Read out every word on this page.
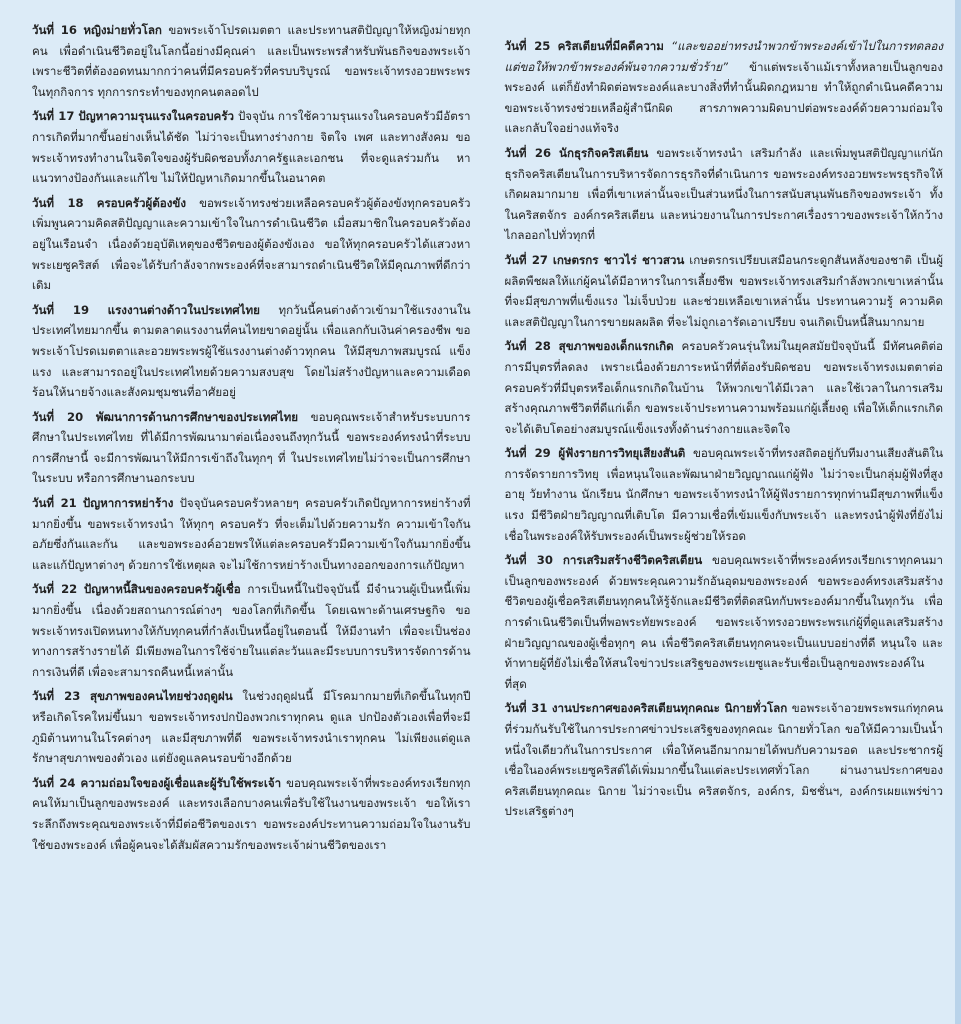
วันที่ 16 หญิงม่ายทั่วโลก ขอพระเจ้าโปรดเมตตา และประทานสติปัญญาให้หญิงม่ายทุกคน เพื่อดำเนินชีวิตอยู่ในโลกนี้อย่างมีคุณค่า และเป็นพระพรสำหรับพันธกิจของพระเจ้า เพราะชีวิตที่ต้องอดทนมากกว่าคนที่มีครอบครัวที่ครบบริบูรณ์ ขอพระเจ้าทรงอวยพระพรในทุกกิจการ ทุกการกระทำของทุกคนตลอดไป

วันที่ 17 ปัญหาความรุนแรงในครอบครัว ปัจจุบัน การใช้ความรุนแรงในครอบครัวมีอัตราการเกิดที่มากขึ้นอย่างเห็นได้ชัด ไม่ว่าจะเป็นทางร่างกาย จิตใจ เพศ และทางสังคม ขอพระเจ้าทรงทำงานในจิตใจของผู้รับผิดชอบทั้งภาครัฐและเอกชน ที่จะดูแลร่วมกัน หาแนวทางป้องกันและแก้ไข ไม่ให้ปัญหาเกิดมากขึ้นในอนาคต

วันที่ 18 ครอบครัวผู้ต้องขัง ขอพระเจ้าทรงช่วยเหลือครอบครัวผู้ต้องขังทุกครอบครัว เพิ่มพูนความคิดสติปัญญาและความเข้าใจในการดำเนินชีวิต เมื่อสมาชิกในครอบครัวต้องอยู่ในเรือนจำ เนื่องด้วยอุบัติเหตุของชีวิตของผู้ต้องขังเอง ขอให้ทุกครอบครัวได้แสวงหาพระเยซูคริสต์ เพื่อจะได้รับกำลังจากพระองค์ที่จะสามารถดำเนินชีวิตให้มีคุณภาพที่ดีกว่าเดิม

วันที่ 19 แรงงานต่างด้าวในประเทศไทย ทุกวันนี้คนต่างด้าวเข้ามาใช้แรงงานในประเทศไทยมากขึ้น ตามตลาดแรงงานที่คนไทยขาดอยู่นั้น เพื่อแลกกับเงินค่าครองชีพ ขอพระเจ้าโปรดเมตตาและอวยพระพรผู้ใช้แรงงานต่างด้าวทุกคน ให้มีสุขภาพสมบูรณ์ แข็งแรง และสามารถอยู่ในประเทศไทยด้วยความสงบสุข โดยไม่สร้างปัญหาและความเดือดร้อนให้นายจ้างและสังคมชุมชนที่อาศัยอยู่

วันที่ 20 พัฒนาการด้านการศึกษาของประเทศไทย ขอบคุณพระเจ้าสำหรับระบบการศึกษาในประเทศไทย ที่ได้มีการพัฒนามาต่อเนื่องจนถึงทุกวันนี้ ขอพระองค์ทรงนำที่ระบบการศึกษานี้ จะมีการพัฒนาให้มีการเข้าถึงในทุกๆ ที่ ในประเทศไทยไม่ว่าจะเป็นการศึกษาในระบบ หรือการศึกษานอกระบบ

วันที่ 21 ปัญหาการหย่าร้าง ปัจจุบันครอบครัวหลายๆ ครอบครัวเกิดปัญหาการหย่าร้างที่มากยิ่งขึ้น ขอพระเจ้าทรงนำ ให้ทุกๆ ครอบครัว ที่จะเต็มไปด้วยความรัก ความเข้าใจกัน อภัยซึ่งกันและกัน และขอพระองค์อวยพรให้แต่ละครอบครัวมีความเข้าใจกันมากยิ่งขึ้นและแก้ปัญหาต่างๆ ด้วยการใช้เหตุผล จะไม่ใช้การหย่าร้างเป็นทางออกของการแก้ปัญหา

วันที่ 22 ปัญหาหนี้สินของครอบครัวผู้เชื่อ การเป็นหนี้ในปัจจุบันนี้ มีจำนวนผู้เป็นหนี้เพิ่มมากยิ่งขึ้น เนื่องด้วยสถานการณ์ต่างๆ ของโลกที่เกิดขึ้น โดยเฉพาะด้านเศรษฐกิจ ขอพระเจ้าทรงเปิดหนทางให้กับทุกคนที่กำลังเป็นหนี้อยู่ในตอนนี้ ให้มีงานทำ เพื่อจะเป็นช่องทางการสร้างรายได้ มีเพียงพอในการใช้จ่ายในแต่ละวันและมีระบบการบริหารจัดการด้านการเงินที่ดี เพื่อจะสามารถคืนหนี้เหล่านั้น

วันที่ 23 สุขภาพของคนไทยช่วงฤดูฝน ในช่วงฤดูฝนนี้ มีโรคมากมายที่เกิดขึ้นในทุกปี หรือเกิดโรคใหม่ขึ้นมา ขอพระเจ้าทรงปกป้องพวกเราทุกคน ดูแล ปกป้องตัวเองเพื่อที่จะมีภูมิต้านทานในโรคต่างๆ และมีสุขภาพที่ดี ขอพระเจ้าทรงนำเราทุกคน ไม่เพียงแต่ดูแลรักษาสุขภาพของตัวเอง แต่ยังดูแลคนรอบข้างอีกด้วย

วันที่ 24 ความถ่อมใจของผู้เชื่อและผู้รับใช้พระเจ้า ขอบคุณพระเจ้าที่พระองค์ทรงเรียกทุกคนให้มาเป็นลูกของพระองค์ และทรงเลือกบางคนเพื่อรับใช้ในงานของพระเจ้า ขอให้เราระลึกถึงพระคุณของพระเจ้าที่มีต่อชีวิตของเรา ขอพระองค์ประทานความถ่อมใจในงานรับใช้ของพระองค์ เพื่อผู้คนจะได้สัมผัสความรักของพระเจ้าผ่านชีวิตของเรา

วันที่ 25 คริสเตียนที่มีคดีความ “และขออย่าทรงนำพวกข้าพระองค์เข้าไปในการทดลอง แต่ขอให้พวกข้าพระองค์พ้นจากความชั่วร้าย” ข้าแต่พระเจ้าแม้เราทั้งหลายเป็นลูกของพระองค์ แต่ก็ยังทำผิดต่อพระองค์และบางสิ่งที่ทำนั้นผิดกฎหมาย ทำให้ถูกดำเนินคดีความ ขอพระเจ้าทรงช่วยเหลือผู้สำนึกผิด สารภาพความผิดบาปต่อพระองค์ด้วยความถ่อมใจ และกลับใจอย่างแท้จริง

วันที่ 26 นักธุรกิจคริสเตียน ขอพระเจ้าทรงนำ เสริมกำลัง และเพิ่มพูนสติปัญญาแก่นักธุรกิจคริสเตียนในการบริหารจัดการธุรกิจที่ดำเนินการ ขอพระองค์ทรงอวยพระพรธุรกิจให้เกิดผลมากมาย เพื่อที่เขาเหล่านั้นจะเป็นส่วนหนึ่งในการสนับสนุนพันธกิจของพระเจ้า ทั้งในคริสตจักร องค์กรคริสเตียน และหน่วยงานในการประกาศเรื่องราวของพระเจ้าให้กว้างไกลออกไปทั่วทุกที่

วันที่ 27 เกษตรกร ชาวไร่ ชาวสวน เกษตรกรเปรียบเสมือนกระดูกสันหลังของชาติ เป็นผู้ผลิตพืชผลให้แก่ผู้คนได้มีอาหารในการเลี้ยงชีพ ขอพระเจ้าทรงเสริมกำลังพวกเขาเหล่านั้นที่จะมีสุขภาพที่แข็งแรง ไม่เจ็บป่วย และช่วยเหลือเขาเหล่านั้น ประทานความรู้ ความคิดและสติปัญญาในการขายผลผลิต ที่จะไม่ถูกเอารัดเอาเปรียบ จนเกิดเป็นหนี้สินมากมาย

วันที่ 28 สุขภาพของเด็กแรกเกิด ครอบครัวคนรุ่นใหม่ในยุคสมัยปัจจุบันนี้ มีทัศนคติต่อการมีบุตรที่ลดลง เพราะเนื่องด้วยภาระหน้าที่ที่ต้องรับผิดชอบ ขอพระเจ้าทรงเมตตาต่อครอบครัวที่มีบุตรหรือเด็กแรกเกิดในบ้าน ให้พวกเขาได้มีเวลา และใช้เวลาในการเสริมสร้างคุณภาพชีวิตที่ดีแก่เด็ก ขอพระเจ้าประทานความพร้อมแก่ผู้เลี้ยงดู เพื่อให้เด็กแรกเกิดจะได้เติบโตอย่างสมบูรณ์แข็งแรงทั้งด้านร่างกายและจิตใจ

วันที่ 29 ผู้ฟังรายการวิทยุเสียงสันติ ขอบคุณพระเจ้าที่ทรงสถิตอยู่กับทีมงานเสียงสันติในการจัดรายการวิทยุ เพื่อหนุนใจและพัฒนาฝ่ายวิญญาณแก่ผู้ฟัง ไม่ว่าจะเป็นกลุ่มผู้ฟังที่สูงอายุ วัยทำงาน นักเรียน นักศึกษา ขอพระเจ้าทรงนำให้ผู้ฟังรายการทุกท่านมีสุขภาพที่แข็งแรง มีชีวิตฝ่ายวิญญาณที่เติบโต มีความเชื่อที่เข้มแข็งกับพระเจ้า และทรงนำผู้ฟังที่ยังไม่เชื่อในพระองค์ให้รับพระองค์เป็นพระผู้ช่วยให้รอด

วันที่ 30 การเสริมสร้างชีวิตคริสเตียน ขอบคุณพระเจ้าที่พระองค์ทรงเรียกเราทุกคนมาเป็นลูกของพระองค์ ด้วยพระคุณความรักอันอุดมของพระองค์ ขอพระองค์ทรงเสริมสร้างชีวิตของผู้เชื่อคริสเตียนทุกคนให้รู้จักและมีชีวิตที่ติดสนิทกับพระองค์มากขึ้นในทุกวัน เพื่อการดำเนินชีวิตเป็นที่พอพระทัยพระองค์ ขอพระเจ้าทรงอวยพระพรแก่ผู้ที่ดูแลเสริมสร้างฝ่ายวิญญาณของผู้เชื่อทุกๆ คน เพื่อชีวิตคริสเตียนทุกคนจะเป็นแบบอย่างที่ดี หนุนใจ และท้าทายผู้ที่ยังไม่เชื่อให้สนใจข่าวประเสริฐของพระเยซูและรับเชื่อเป็นลูกของพระองค์ในที่สุด

วันที่ 31 งานประกาศของคริสเตียนทุกคณะ นิกายทั่วโลก ขอพระเจ้าอวยพระพรแก่ทุกคนที่ร่วมกันรับใช้ในการประกาศข่าวประเสริฐของทุกคณะ นิกายทั่วโลก ขอให้มีความเป็นน้ำหนึ่งใจเดียวกันในการประกาศ เพื่อให้คนอีกมากมายได้พบกับความรอด และประชากรผู้เชื่อในองค์พระเยซูคริสต์ได้เพิ่มมากขึ้นในแต่ละประเทศทั่วโลก ผ่านงานประกาศของคริสเตียนทุกคณะ นิกาย ไม่ว่าจะเป็น คริสตจักร, องค์กร, มิชชั่นฯ, องค์กรเผยแพร่ข่าวประเสริฐต่างๆ
